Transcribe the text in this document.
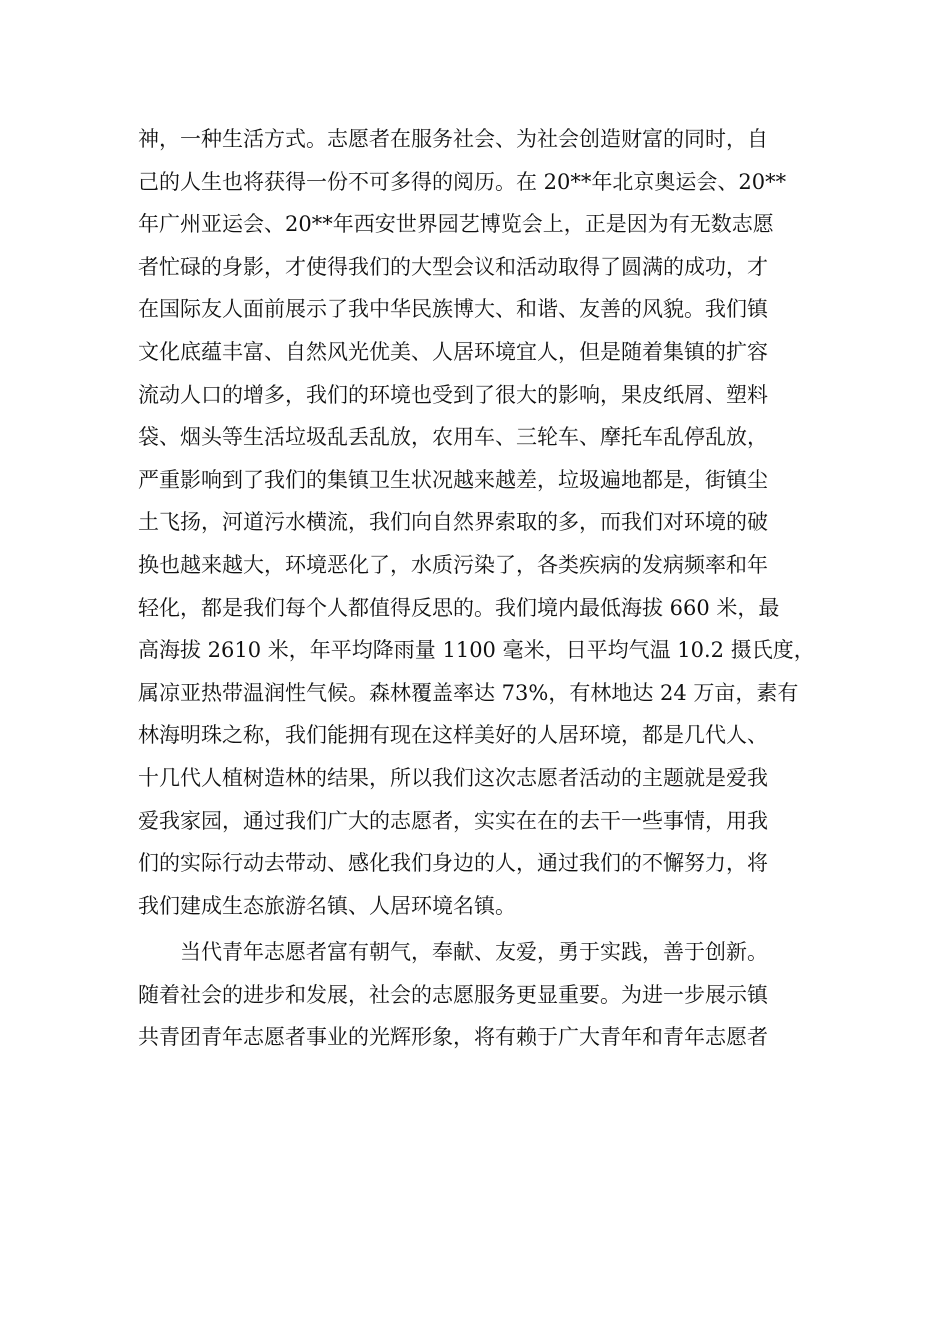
神，一种生活方式。志愿者在服务社会、为社会创造财富的同时，自
己的人生也将获得一份不可多得的阅历。在 20**年北京奥运会、20**
年广州亚运会、20**年西安世界园艺博览会上，正是因为有无数志愿
者忙碌的身影，才使得我们的大型会议和活动取得了圆满的成功，才
在国际友人面前展示了我中华民族博大、和谐、友善的风貌。我们镇
文化底蕴丰富、自然风光优美、人居环境宜人，但是随着集镇的扩容
流动人口的增多，我们的环境也受到了很大的影响，果皮纸屑、塑料
袋、烟头等生活垃圾乱丢乱放，农用车、三轮车、摩托车乱停乱放，
严重影响到了我们的集镇卫生状况越来越差，垃圾遍地都是，街镇尘
土飞扬，河道污水横流，我们向自然界索取的多，而我们对环境的破
换也越来越大，环境恶化了，水质污染了，各类疾病的发病频率和年
轻化，都是我们每个人都值得反思的。我们境内最低海拔 660 米，最
高海拔 2610 米，年平均降雨量 1100 毫米，日平均气温 10.2 摄氏度，
属凉亚热带温润性气候。森林覆盖率达 73%，有林地达 24 万亩，素有
林海明珠之称，我们能拥有现在这样美好的人居环境，都是几代人、
十几代人植树造林的结果，所以我们这次志愿者活动的主题就是爱我
爱我家园，通过我们广大的志愿者，实实在在的去干一些事情，用我
们的实际行动去带动、感化我们身边的人，通过我们的不懈努力，将
我们建成生态旅游名镇、人居环境名镇。
当代青年志愿者富有朝气，奉献、友爱，勇于实践，善于创新。
随着社会的进步和发展，社会的志愿服务更显重要。为进一步展示镇
共青团青年志愿者事业的光辉形象，将有赖于广大青年和青年志愿者
